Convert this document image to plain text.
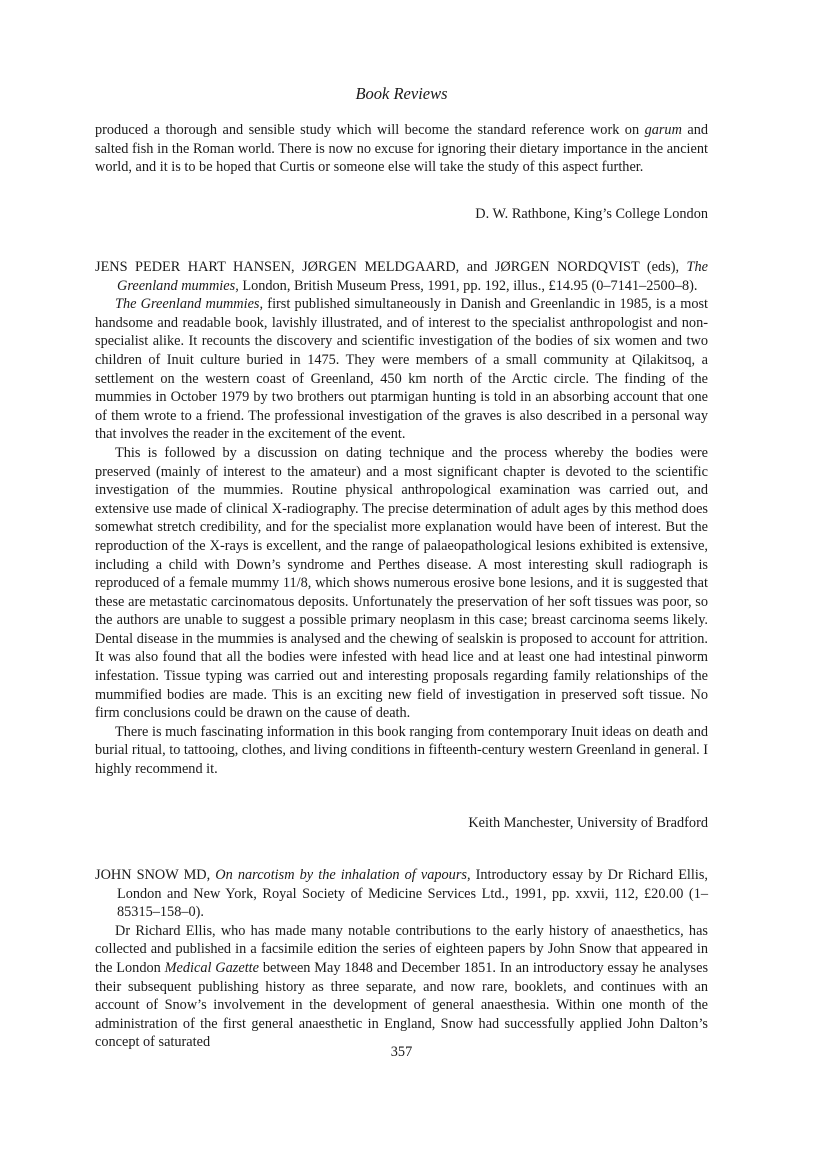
Book Reviews

produced a thorough and sensible study which will become the standard reference work on garum and salted fish in the Roman world. There is now no excuse for ignoring their dietary importance in the ancient world, and it is to be hoped that Curtis or someone else will take the study of this aspect further.

D. W. Rathbone, King’s College London

JENS PEDER HART HANSEN, JØRGEN MELDGAARD, and JØRGEN NORDQVIST (eds), The Greenland mummies, London, British Museum Press, 1991, pp. 192, illus., £14.95 (0–7141–2500–8).

The Greenland mummies, first published simultaneously in Danish and Greenlandic in 1985, is a most handsome and readable book, lavishly illustrated, and of interest to the specialist anthropologist and non-specialist alike. It recounts the discovery and scientific investigation of the bodies of six women and two children of Inuit culture buried in 1475. They were members of a small community at Qilakitsoq, a settlement on the western coast of Greenland, 450 km north of the Arctic circle. The finding of the mummies in October 1979 by two brothers out ptarmigan hunting is told in an absorbing account that one of them wrote to a friend. The professional investigation of the graves is also described in a personal way that involves the reader in the excitement of the event.

This is followed by a discussion on dating technique and the process whereby the bodies were preserved (mainly of interest to the amateur) and a most significant chapter is devoted to the scientific investigation of the mummies. Routine physical anthropological examination was carried out, and extensive use made of clinical X-radiography. The precise determination of adult ages by this method does somewhat stretch credibility, and for the specialist more explanation would have been of interest. But the reproduction of the X-rays is excellent, and the range of palaeopathological lesions exhibited is extensive, including a child with Down’s syndrome and Perthes disease. A most interesting skull radiograph is reproduced of a female mummy 11/8, which shows numerous erosive bone lesions, and it is suggested that these are metastatic carcinomatous deposits. Unfortunately the preservation of her soft tissues was poor, so the authors are unable to suggest a possible primary neoplasm in this case; breast carcinoma seems likely. Dental disease in the mummies is analysed and the chewing of sealskin is proposed to account for attrition. It was also found that all the bodies were infested with head lice and at least one had intestinal pinworm infestation. Tissue typing was carried out and interesting proposals regarding family relationships of the mummified bodies are made. This is an exciting new field of investigation in preserved soft tissue. No firm conclusions could be drawn on the cause of death.

There is much fascinating information in this book ranging from contemporary Inuit ideas on death and burial ritual, to tattooing, clothes, and living conditions in fifteenth-century western Greenland in general. I highly recommend it.

Keith Manchester, University of Bradford

JOHN SNOW MD, On narcotism by the inhalation of vapours, Introductory essay by Dr Richard Ellis, London and New York, Royal Society of Medicine Services Ltd., 1991, pp. xxvii, 112, £20.00 (1–85315–158–0).

Dr Richard Ellis, who has made many notable contributions to the early history of anaesthetics, has collected and published in a facsimile edition the series of eighteen papers by John Snow that appeared in the London Medical Gazette between May 1848 and December 1851. In an introductory essay he analyses their subsequent publishing history as three separate, and now rare, booklets, and continues with an account of Snow’s involvement in the development of general anaesthesia. Within one month of the administration of the first general anaesthetic in England, Snow had successfully applied John Dalton’s concept of saturated

357
